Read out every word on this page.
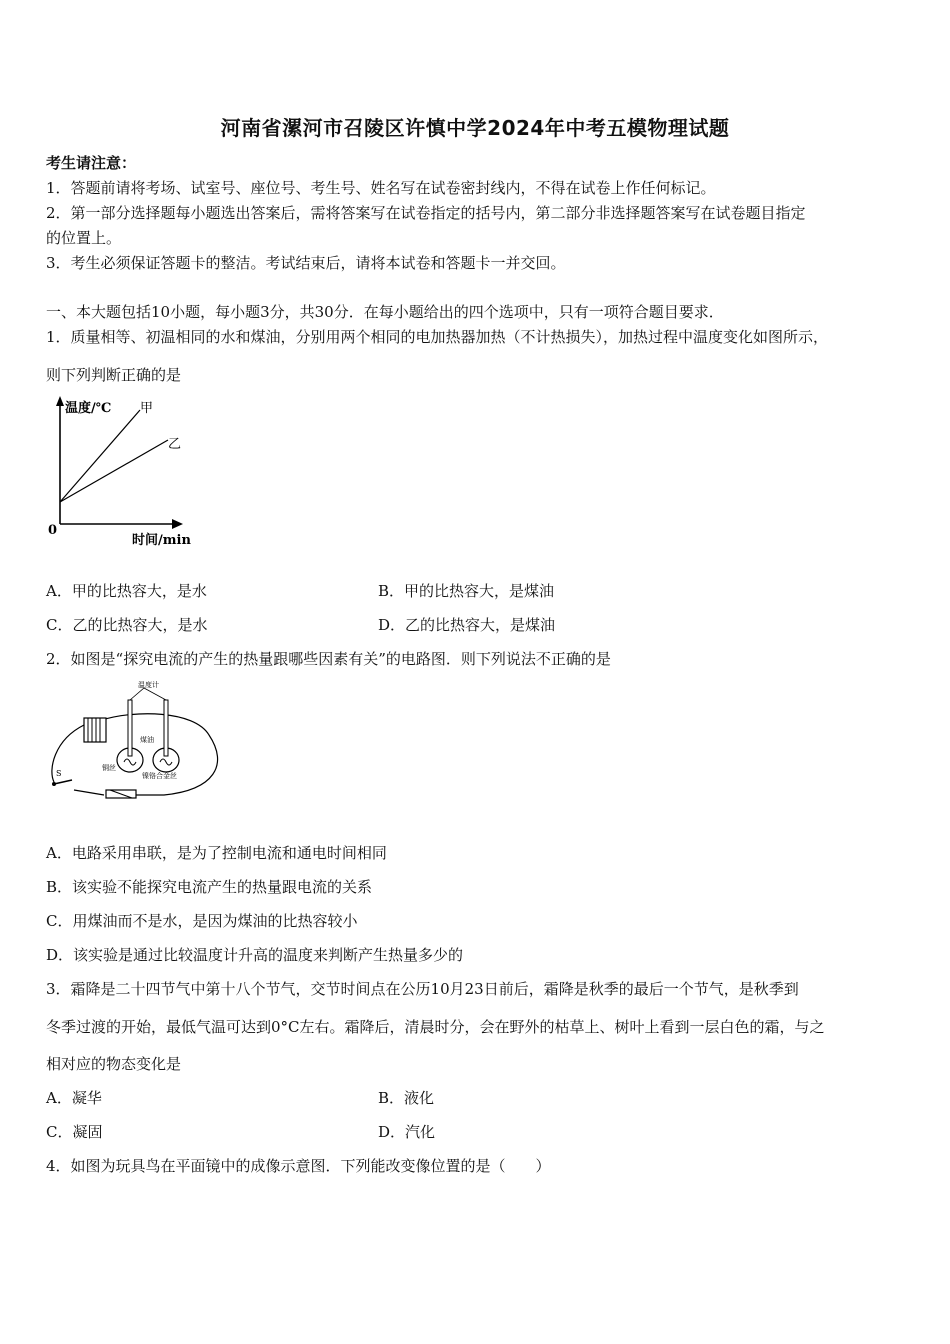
河南省漯河市召陵区许慎中学2024年中考五模物理试题
考生请注意：
1．答题前请将考场、试室号、座位号、考生号、姓名写在试卷密封线内，不得在试卷上作任何标记。
2．第一部分选择题每小题选出答案后，需将答案写在试卷指定的括号内，第二部分非选择题答案写在试卷题目指定
的位置上。
3．考生必须保证答题卡的整洁。考试结束后，请将本试卷和答题卡一并交回。
一、本大题包括10小题，每小题3分，共30分．在每小题给出的四个选项中，只有一项符合题目要求．
1．质量相等、初温相同的水和煤油，分别用两个相同的电加热器加热（不计热损失），加热过程中温度变化如图所示，
则下列判断正确的是
温度/℃ 甲
乙
0
时间/min
A．甲的比热容大，是水	B．甲的比热容大，是煤油
C．乙的比热容大，是水	D．乙的比热容大，是煤油
2．如图是“探究电流的产生的热量跟哪些因素有关”的电路图．则下列说法不正确的是
S
温度计
煤油
铜丝
镍铬合金丝
A．电路采用串联，是为了控制电流和通电时间相同
B．该实验不能探究电流产生的热量跟电流的关系
C．用煤油而不是水，是因为煤油的比热容较小
D．该实验是通过比较温度计升高的温度来判断产生热量多少的
3．霜降是二十四节气中第十八个节气，交节时间点在公历10月23日前后，霜降是秋季的最后一个节气，是秋季到
冬季过渡的开始，最低气温可达到0°C左右。霜降后，清晨时分，会在野外的枯草上、树叶上看到一层白色的霜，与之
相对应的物态变化是
A．凝华	B．液化
C．凝固	D．汽化
4．如图为玩具鸟在平面镜中的成像示意图．下列能改变像位置的是（　　）
